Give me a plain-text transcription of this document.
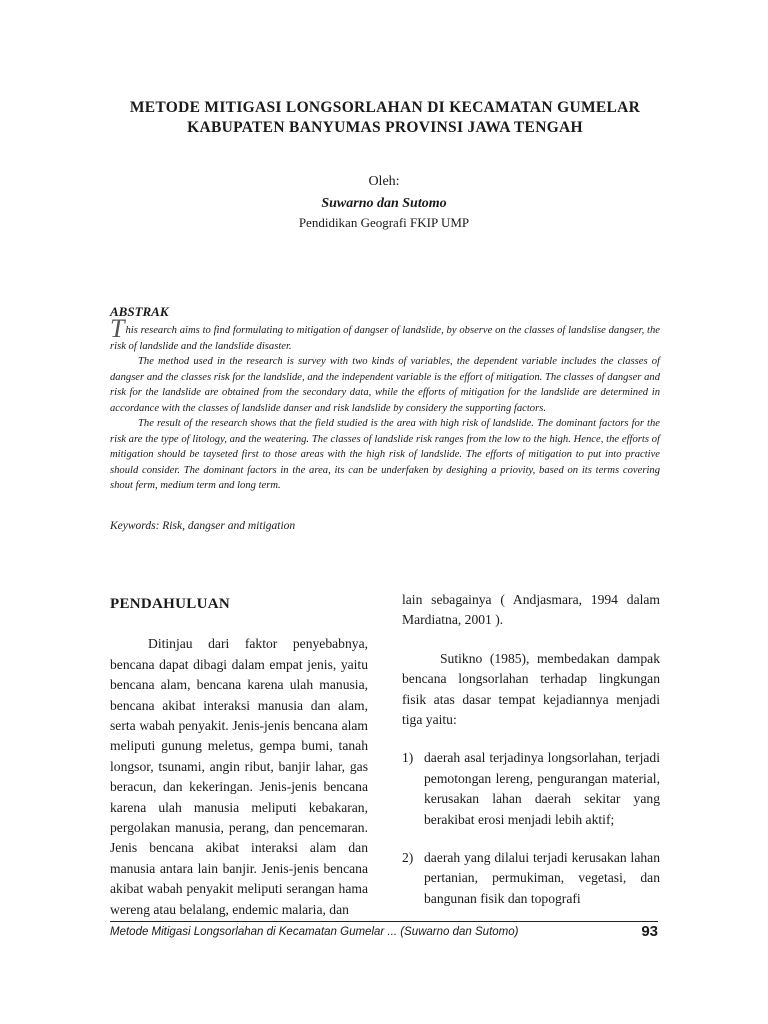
METODE MITIGASI LONGSORLAHAN DI KECAMATAN GUMELAR
KABUPATEN BANYUMAS PROVINSI JAWA TENGAH
Oleh:
Suwarno dan Sutomo
Pendidikan Geografi FKIP UMP
ABSTRAK

This research aims to find formulating to mitigation of dangser of landslide, by observe on the classes of landslise dangser, the risk of landslide and the landslide disaster.

The method used in the research is survey with two kinds of variables, the dependent variable includes the classes of dangser and the classes risk for the landslide, and the independent variable is the effort of mitigation. The classes of dangser and risk for the landslide are obtained from the secondary data, while the efforts of mitigation for the landslide are determined in accordance with the classes of landslide danser and risk landslide by considery the supporting factors.

The result of the research shows that the field studied is the area with high risk of landslide. The dominant factors for the risk are the type of litology, and the weatering. The classes of landslide risk ranges from the low to the high. Hence, the efforts of mitigation should be tayseted first to those areas with the high risk of landslide. The efforts of mitigation to put into practive should consider. The dominant factors in the area, its can be underfaken by desighing a priovity, based on its terms covering shout ferm, medium term and long term.

Keywords: Risk, dangser and mitigation
PENDAHULUAN

Ditinjau dari faktor penyebabnya, bencana dapat dibagi dalam empat jenis, yaitu bencana alam, bencana karena ulah manusia, bencana akibat interaksi manusia dan alam, serta wabah penyakit. Jenis-jenis bencana alam meliputi gunung meletus, gempa bumi, tanah longsor, tsunami, angin ribut, banjir lahar, gas beracun, dan kekeringan. Jenis-jenis bencana karena ulah manusia meliputi kebakaran, pergolakan manusia, perang, dan pencemaran. Jenis bencana akibat interaksi alam dan manusia antara lain banjir. Jenis-jenis bencana akibat wabah penyakit meliputi serangan hama wereng atau belalang, endemic malaria, dan

lain sebagainya ( Andjasmara, 1994 dalam Mardiatna, 2001 ).

Sutikno (1985), membedakan dampak bencana longsorlahan terhadap lingkungan fisik atas dasar tempat kejadiannya menjadi tiga yaitu:

1) daerah asal terjadinya longsorlahan, terjadi pemotongan lereng, pengurangan material, kerusakan lahan daerah sekitar yang berakibat erosi menjadi lebih aktif;
2) daerah yang dilalui terjadi kerusakan lahan pertanian, permukiman, vegetasi, dan bangunan fisik dan topografi
Metode Mitigasi Longsorlahan di Kecamatan Gumelar ... (Suwarno dan Sutomo)	93
